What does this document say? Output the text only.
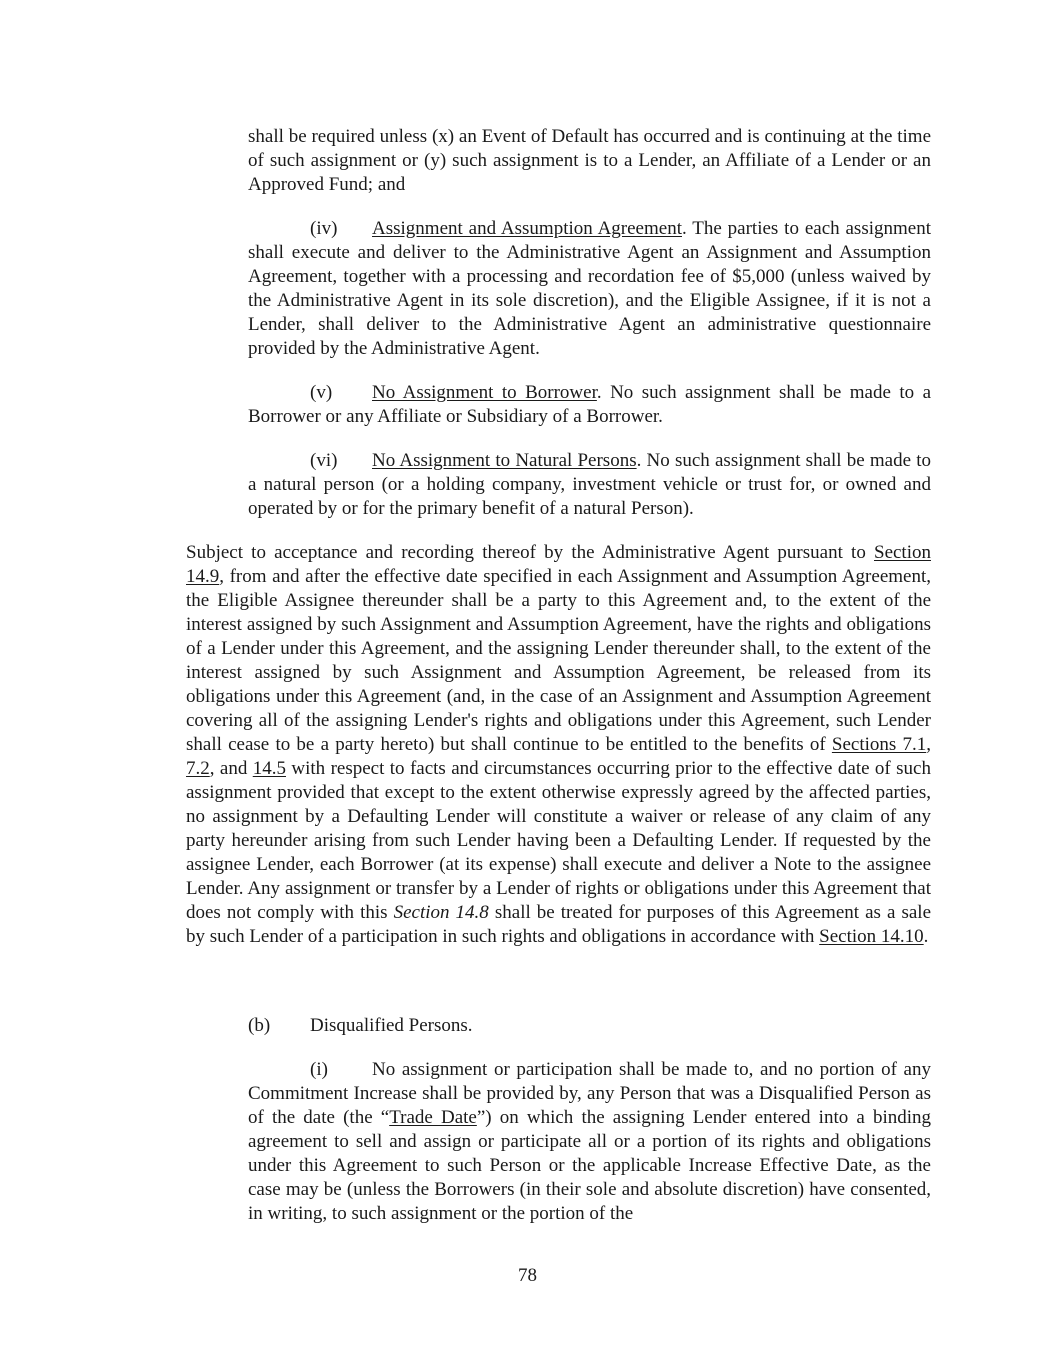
shall be required unless (x) an Event of Default has occurred and is continuing at the time of such assignment or (y) such assignment is to a Lender, an Affiliate of a Lender or an Approved Fund; and

(iv) Assignment and Assumption Agreement. The parties to each assignment shall execute and deliver to the Administrative Agent an Assignment and Assumption Agreement, together with a processing and recordation fee of $5,000 (unless waived by the Administrative Agent in its sole discretion), and the Eligible Assignee, if it is not a Lender, shall deliver to the Administrative Agent an administrative questionnaire provided by the Administrative Agent.

(v) No Assignment to Borrower. No such assignment shall be made to a Borrower or any Affiliate or Subsidiary of a Borrower.

(vi) No Assignment to Natural Persons. No such assignment shall be made to a natural person (or a holding company, investment vehicle or trust for, or owned and operated by or for the primary benefit of a natural Person).

Subject to acceptance and recording thereof by the Administrative Agent pursuant to Section 14.9, from and after the effective date specified in each Assignment and Assumption Agreement, the Eligible Assignee thereunder shall be a party to this Agreement and, to the extent of the interest assigned by such Assignment and Assumption Agreement, have the rights and obligations of a Lender under this Agreement, and the assigning Lender thereunder shall, to the extent of the interest assigned by such Assignment and Assumption Agreement, be released from its obligations under this Agreement (and, in the case of an Assignment and Assumption Agreement covering all of the assigning Lender's rights and obligations under this Agreement, such Lender shall cease to be a party hereto) but shall continue to be entitled to the benefits of Sections 7.1, 7.2, and 14.5 with respect to facts and circumstances occurring prior to the effective date of such assignment provided that except to the extent otherwise expressly agreed by the affected parties, no assignment by a Defaulting Lender will constitute a waiver or release of any claim of any party hereunder arising from such Lender having been a Defaulting Lender. If requested by the assignee Lender, each Borrower (at its expense) shall execute and deliver a Note to the assignee Lender. Any assignment or transfer by a Lender of rights or obligations under this Agreement that does not comply with this Section 14.8 shall be treated for purposes of this Agreement as a sale by such Lender of a participation in such rights and obligations in accordance with Section 14.10.

(b) Disqualified Persons.

(i) No assignment or participation shall be made to, and no portion of any Commitment Increase shall be provided by, any Person that was a Disqualified Person as of the date (the “Trade Date”) on which the assigning Lender entered into a binding agreement to sell and assign or participate all or a portion of its rights and obligations under this Agreement to such Person or the applicable Increase Effective Date, as the case may be (unless the Borrowers (in their sole and absolute discretion) have consented, in writing, to such assignment or the portion of the

78
